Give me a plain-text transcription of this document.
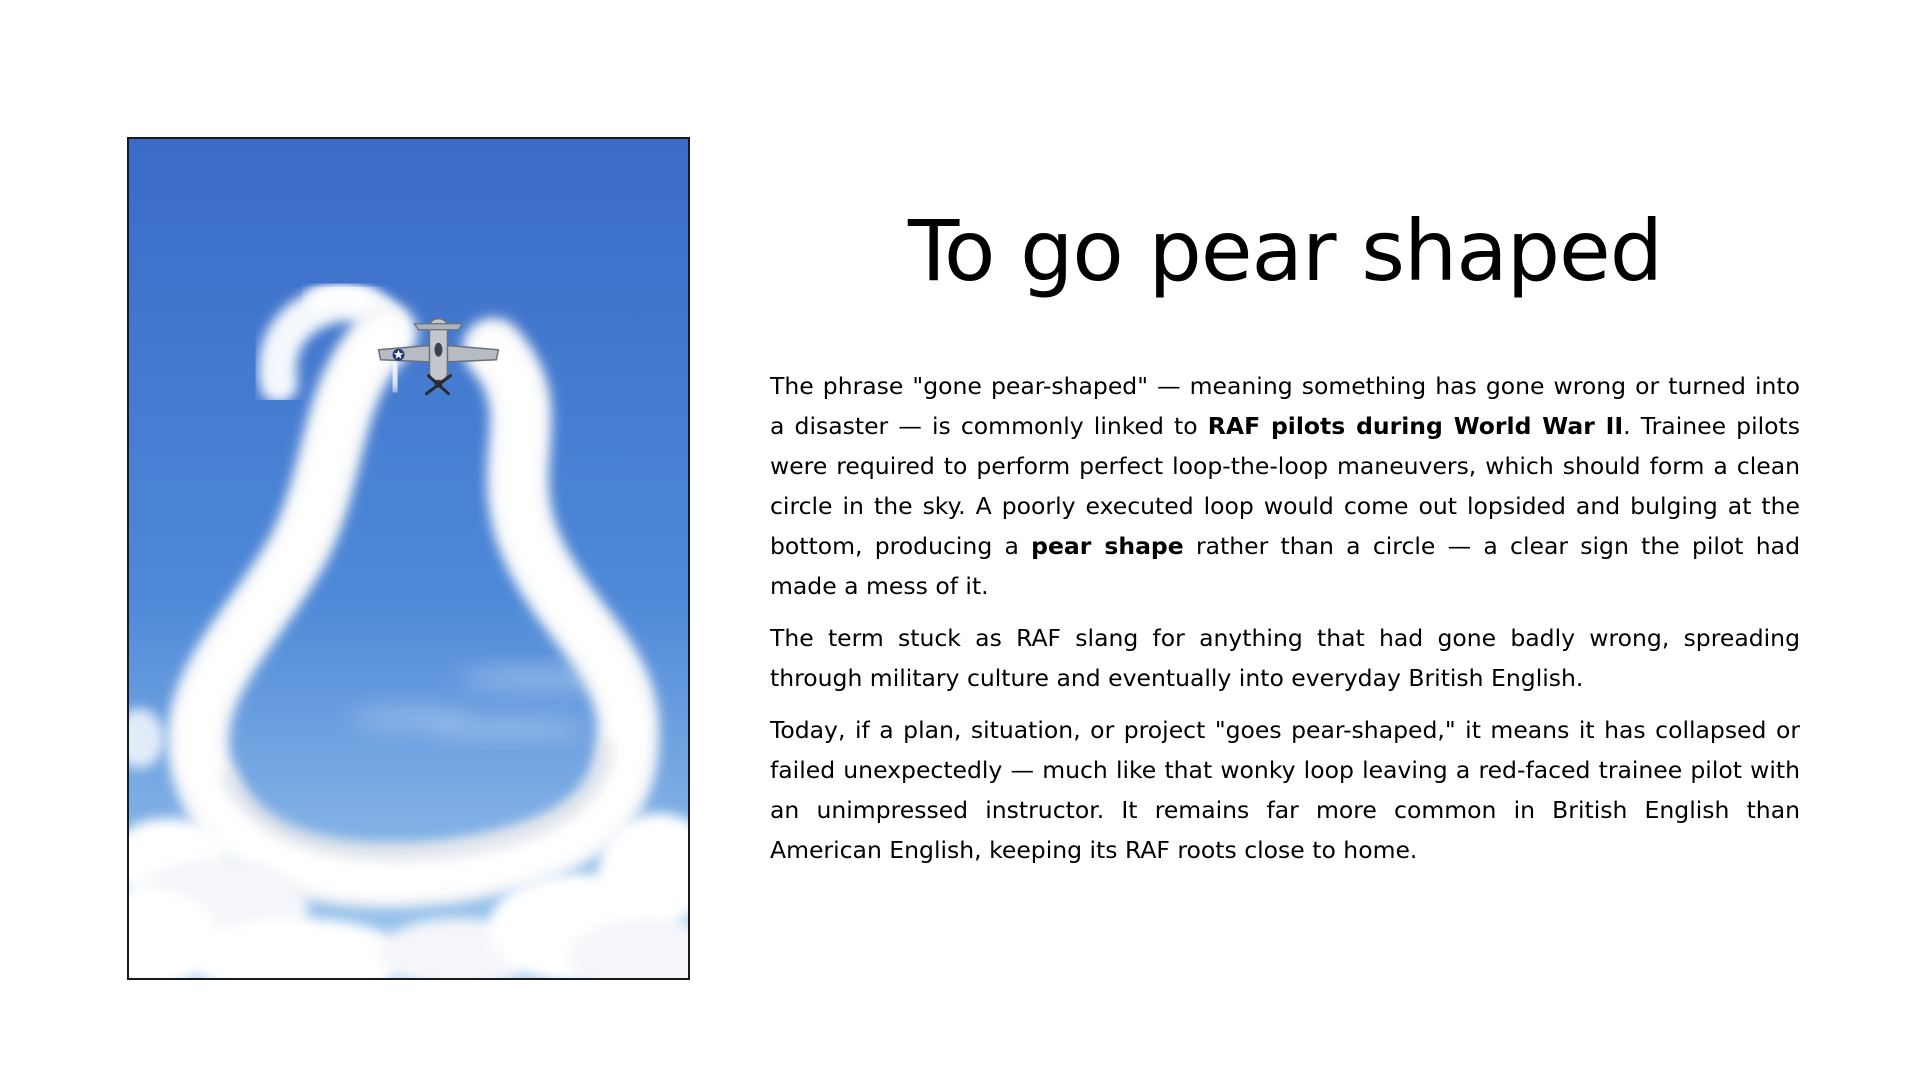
To go pear shaped

The phrase "gone pear-shaped" — meaning something has gone wrong or turned into a disaster — is commonly linked to RAF pilots during World War II. Trainee pilots were required to perform perfect loop-the-loop maneuvers, which should form a clean circle in the sky. A poorly executed loop would come out lopsided and bulging at the bottom, producing a pear shape rather than a circle — a clear sign the pilot had made a mess of it.

The term stuck as RAF slang for anything that had gone badly wrong, spreading through military culture and eventually into everyday British English.

Today, if a plan, situation, or project "goes pear-shaped," it means it has collapsed or failed unexpectedly — much like that wonky loop leaving a red-faced trainee pilot with an unimpressed instructor. It remains far more common in British English than American English, keeping its RAF roots close to home.
